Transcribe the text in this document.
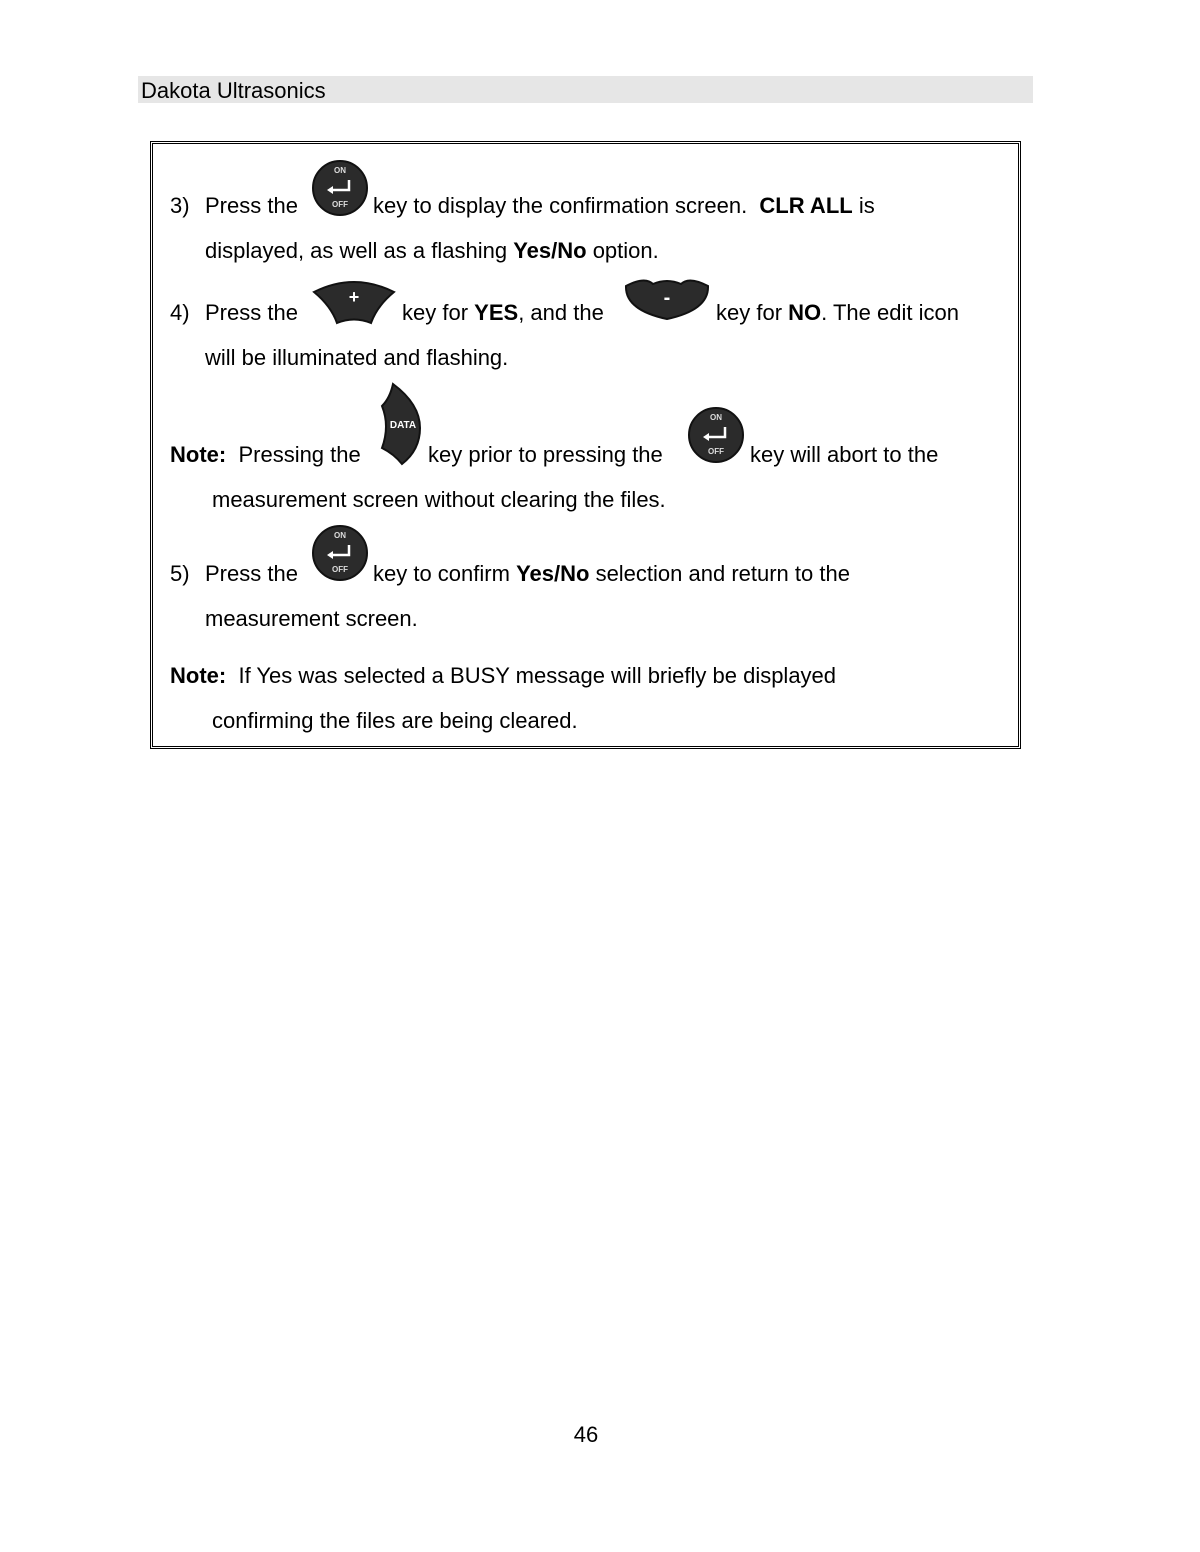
Dakota Ultrasonics
3) Press the	key to display the confirmation screen. CLR ALL is
displayed, as well as a flashing Yes/No option.
4) Press the	key for YES, and the	key for NO. The edit icon
will be illuminated and flashing.
Note: Pressing the	key prior to pressing the	key will abort to the
measurement screen without clearing the files.
5) Press the	key to confirm Yes/No selection and return to the
measurement screen.
Note: If Yes was selected a BUSY message will briefly be displayed
confirming the files are being cleared.
ON
OFF
+	-
DATA
ON
OFF
ON
OFF
46
